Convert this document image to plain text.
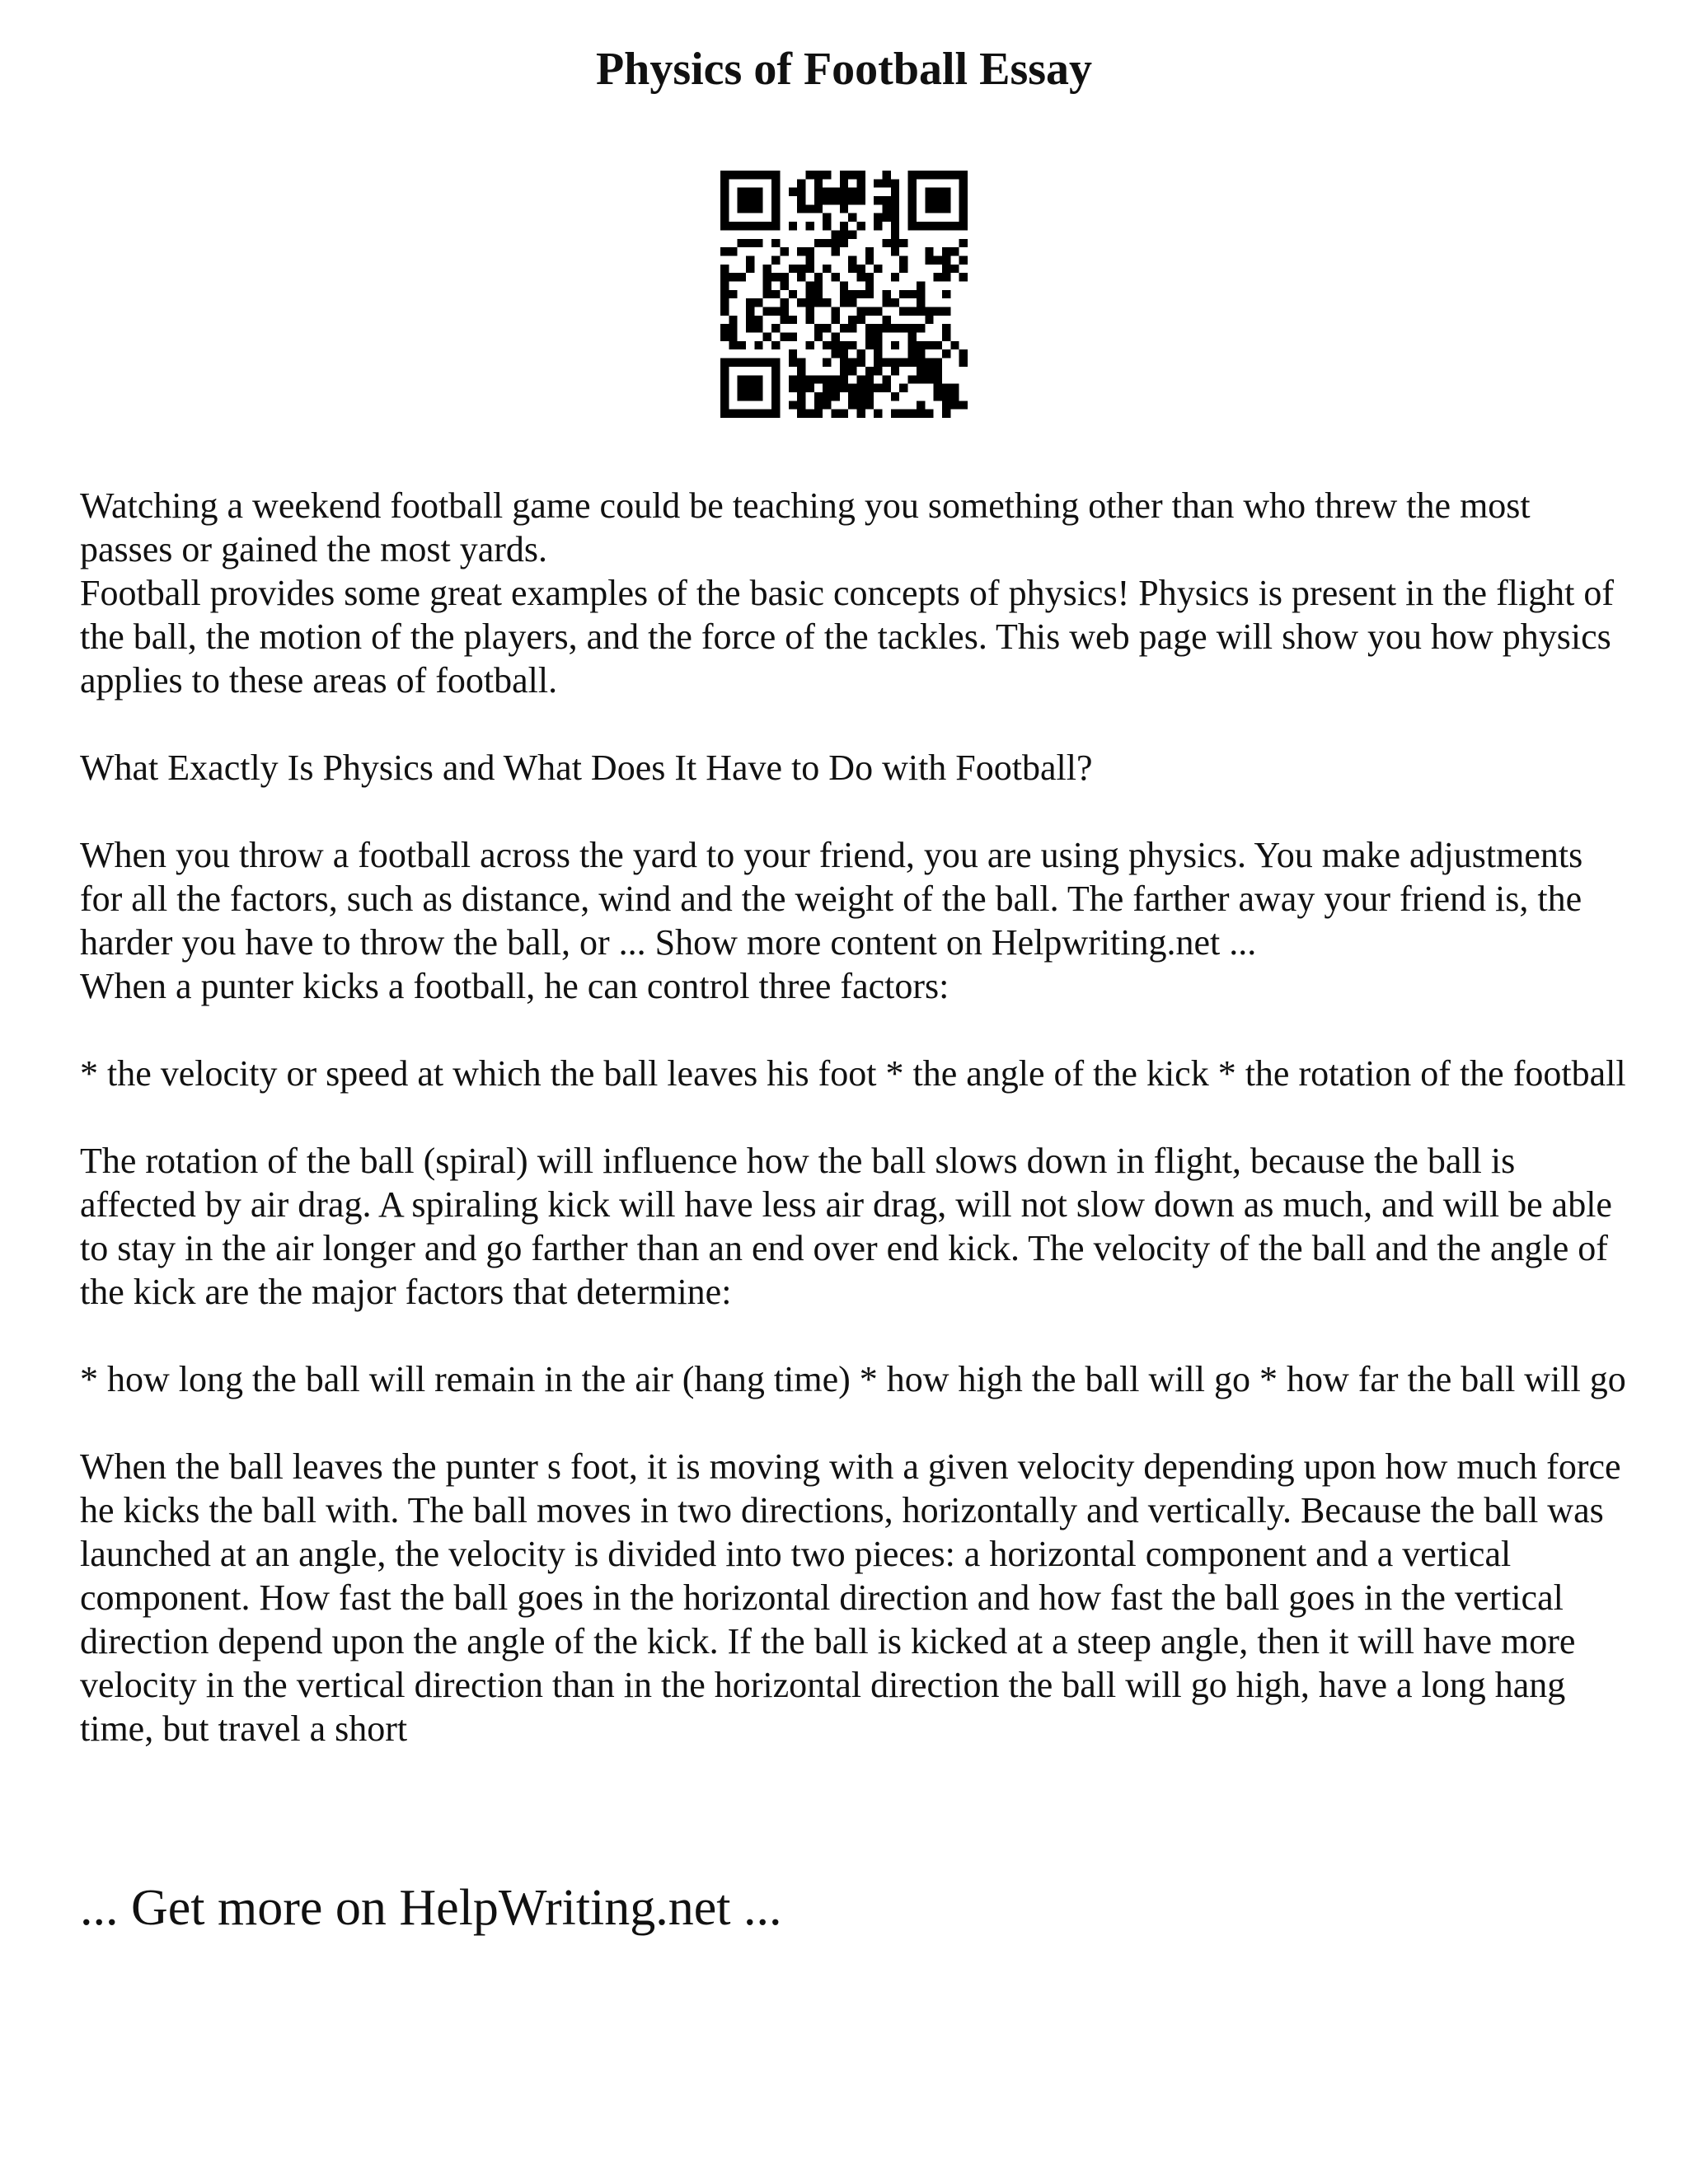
Physics of Football Essay

Watching a weekend football game could be teaching you something other than who threw the most passes or gained the most yards.

Football provides some great examples of the basic concepts of physics! Physics is present in the flight of the ball, the motion of the players, and the force of the tackles. This web page will show you how physics applies to these areas of football.

What Exactly Is Physics and What Does It Have to Do with Football?

When you throw a football across the yard to your friend, you are using physics. You make adjustments for all the factors, such as distance, wind and the weight of the ball. The farther away your friend is, the harder you have to throw the ball, or ... Show more content on Helpwriting.net ...

When a punter kicks a football, he can control three factors:

* the velocity or speed at which the ball leaves his foot * the angle of the kick * the rotation of the football

The rotation of the ball (spiral) will influence how the ball slows down in flight, because the ball is affected by air drag. A spiraling kick will have less air drag, will not slow down as much, and will be able to stay in the air longer and go farther than an end over end kick. The velocity of the ball and the angle of the kick are the major factors that determine:

* how long the ball will remain in the air (hang time) * how high the ball will go * how far the ball will go

When the ball leaves the punter s foot, it is moving with a given velocity depending upon how much force he kicks the ball with. The ball moves in two directions, horizontally and vertically. Because the ball was launched at an angle, the velocity is divided into two pieces: a horizontal component and a vertical component. How fast the ball goes in the horizontal direction and how fast the ball goes in the vertical direction depend upon the angle of the kick. If the ball is kicked at a steep angle, then it will have more velocity in the vertical direction than in the horizontal direction the ball will go high, have a long hang time, but travel a short

... Get more on HelpWriting.net ...
